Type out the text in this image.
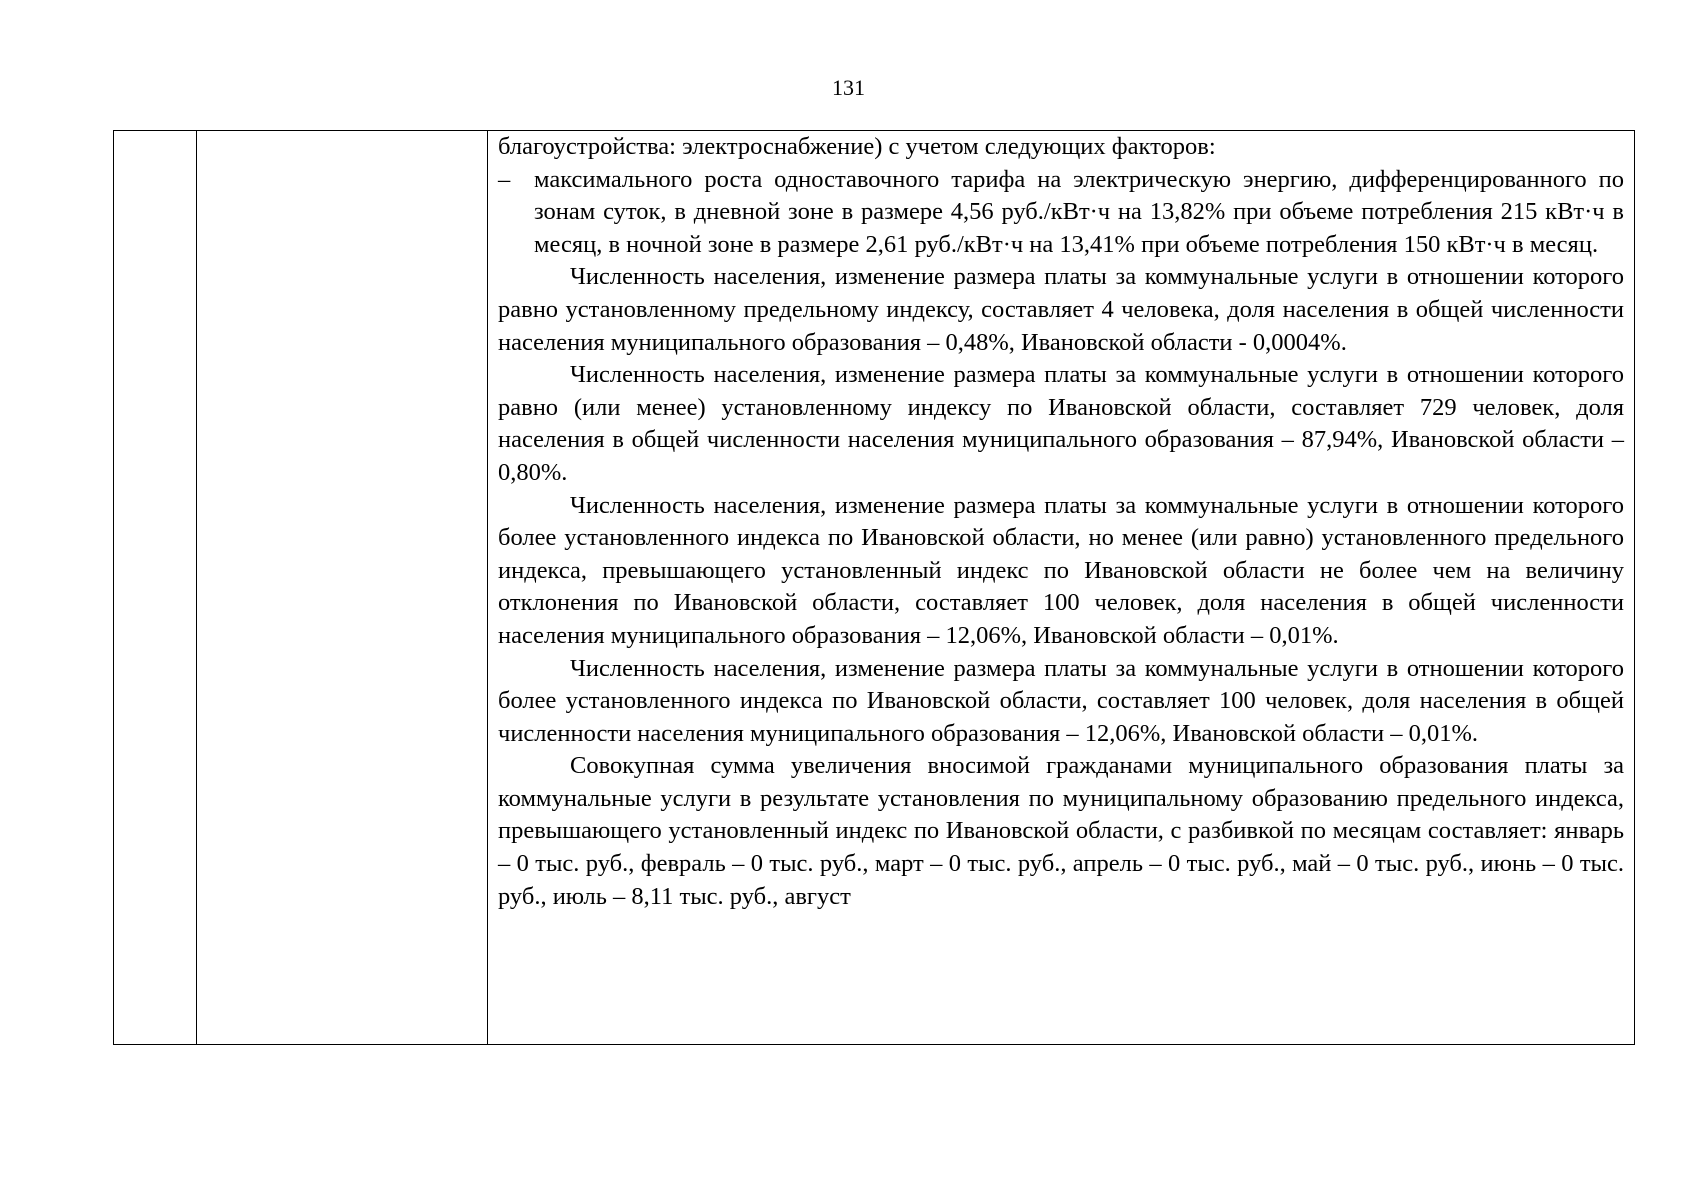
131

благоустройства: электроснабжение) с учетом следующих факторов:

– максимального роста одноставочного тарифа на электрическую энергию, дифференцированного по зонам суток, в дневной зоне в размере 4,56 руб./кВт·ч на 13,82% при объеме потребления 215 кВт·ч в месяц, в ночной зоне в размере 2,61 руб./кВт·ч на 13,41% при объеме потребления 150 кВт·ч в месяц.

Численность населения, изменение размера платы за коммунальные услуги в отношении которого равно установленному предельному индексу, составляет 4 человека, доля населения в общей численности населения муниципального образования – 0,48%, Ивановской области - 0,0004%.

Численность населения, изменение размера платы за коммунальные услуги в отношении которого равно (или менее) установленному индексу по Ивановской области, составляет 729 человек, доля населения в общей численности населения муниципального образования – 87,94%, Ивановской области – 0,80%.

Численность населения, изменение размера платы за коммунальные услуги в отношении которого более установленного индекса по Ивановской области, но менее (или равно) установленного предельного индекса, превышающего установленный индекс по Ивановской области не более чем на величину отклонения по Ивановской области, составляет 100 человек, доля населения в общей численности населения муниципального образования – 12,06%, Ивановской области – 0,01%.

Численность населения, изменение размера платы за коммунальные услуги в отношении которого более установленного индекса по Ивановской области, составляет 100 человек, доля населения в общей численности населения муниципального образования – 12,06%, Ивановской области – 0,01%.

Совокупная сумма увеличения вносимой гражданами муниципального образования платы за коммунальные услуги в результате установления по муниципальному образованию предельного индекса, превышающего установленный индекс по Ивановской области, с разбивкой по месяцам составляет: январь – 0 тыс. руб., февраль – 0 тыс. руб., март – 0 тыс. руб., апрель – 0 тыс. руб., май – 0 тыс. руб., июнь – 0 тыс. руб., июль – 8,11 тыс. руб., август
